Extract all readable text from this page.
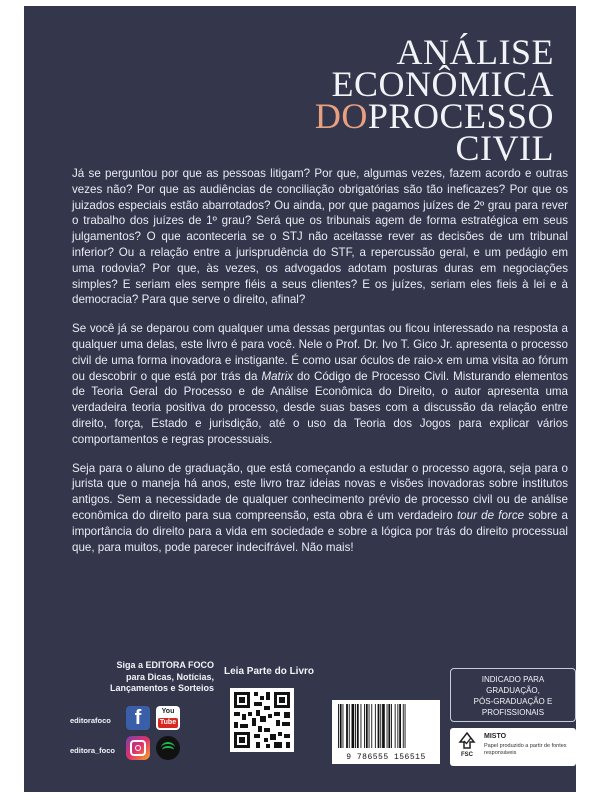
ANÁLISE
ECONÔMICA
DOPROCESSO
CIVIL

Já se perguntou por que as pessoas litigam? Por que, algumas vezes, fazem acordo e outras vezes não? Por que as audiências de conciliação obrigatórias são tão ineficazes? Por que os juizados especiais estão abarrotados? Ou ainda, por que pagamos juízes de 2º grau para rever o trabalho dos juízes de 1º grau? Será que os tribunais agem de forma estratégica em seus julgamentos? O que aconteceria se o STJ não aceitasse rever as decisões de um tribunal inferior? Ou a relação entre a jurisprudência do STF, a repercussão geral, e um pedágio em uma rodovia? Por que, às vezes, os advogados adotam posturas duras em negociações simples? E seriam eles sempre fiéis a seus clientes? E os juízes, seriam eles fieis à lei e à democracia? Para que serve o direito, afinal?

Se você já se deparou com qualquer uma dessas perguntas ou ficou interessado na resposta a qualquer uma delas, este livro é para você. Nele o Prof. Dr. Ivo T. Gico Jr. apresenta o processo civil de uma forma inovadora e instigante. É como usar óculos de raio-x em uma visita ao fórum ou descobrir o que está por trás da Matrix do Código de Processo Civil. Misturando elementos de Teoria Geral do Processo e de Análise Econômica do Direito, o autor apresenta uma verdadeira teoria positiva do processo, desde suas bases com a discussão da relação entre direito, força, Estado e jurisdição, até o uso da Teoria dos Jogos para explicar vários comportamentos e regras processuais.

Seja para o aluno de graduação, que está começando a estudar o processo agora, seja para o jurista que o maneja há anos, este livro traz ideias novas e visões inovadoras sobre institutos antigos. Sem a necessidade de qualquer conhecimento prévio de processo civil ou de análise econômica do direito para sua compreensão, esta obra é um verdadeiro tour de force sobre a importância do direito para a vida em sociedade e sobre a lógica por trás do direito processual que, para muitos, pode parecer indecifrável. Não mais!

Siga a EDITORA FOCO
para Dicas, Notícias,
Lançamentos e Sorteios
editorafoco f	You
Tube
editora_foco
Leia Parte do Livro
INDICADO PARA
GRADUAÇÃO,
PÓS-GRADUAÇÃO E
PROFISSIONAIS
9 786555 156515	FSC
MISTO
Papel produzido a partir de fontes responsáveis
